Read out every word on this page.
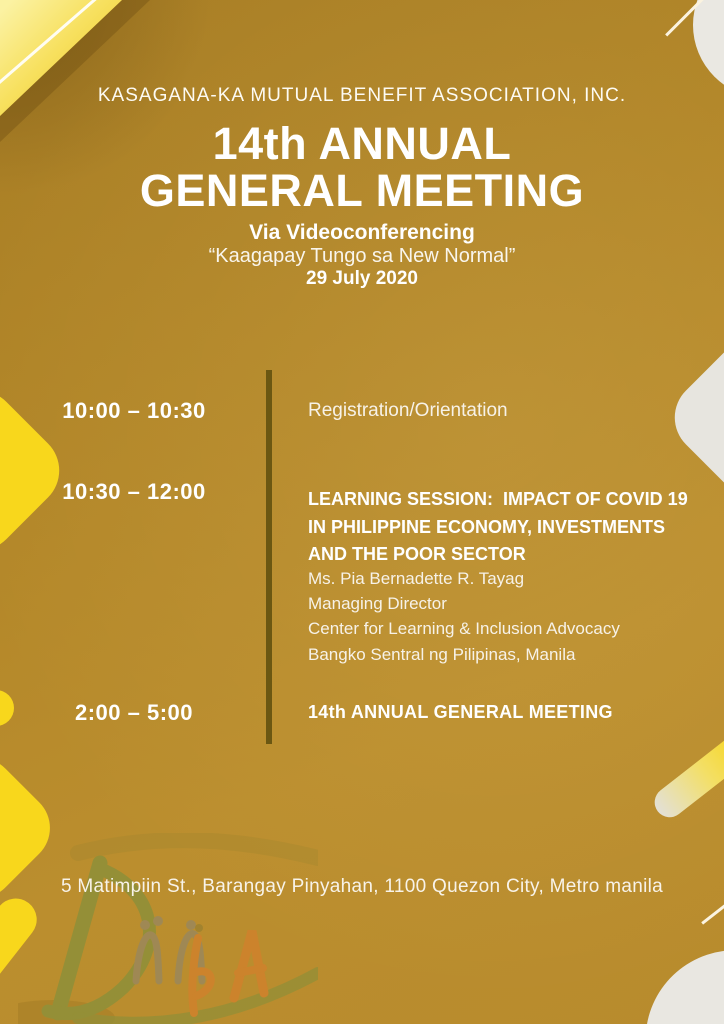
KASAGANA-KA MUTUAL BENEFIT ASSOCIATION, INC.
14th ANNUAL
GENERAL MEETING
Via Videoconferencing
“Kaagapay Tungo sa New Normal”
29 July 2020
10:00 – 10:30	Registration/Orientation
10:30 – 12:00	LEARNING SESSION:  IMPACT OF COVID 19
IN PHILIPPINE ECONOMY, INVESTMENTS
AND THE POOR SECTOR
Ms. Pia Bernadette R. Tayag
Managing Director
Center for Learning & Inclusion Advocacy
Bangko Sentral ng Pilipinas, Manila
2:00 – 5:00	14th ANNUAL GENERAL MEETING
5 Matimpiin St., Barangay Pinyahan, 1100 Quezon City, Metro manila
